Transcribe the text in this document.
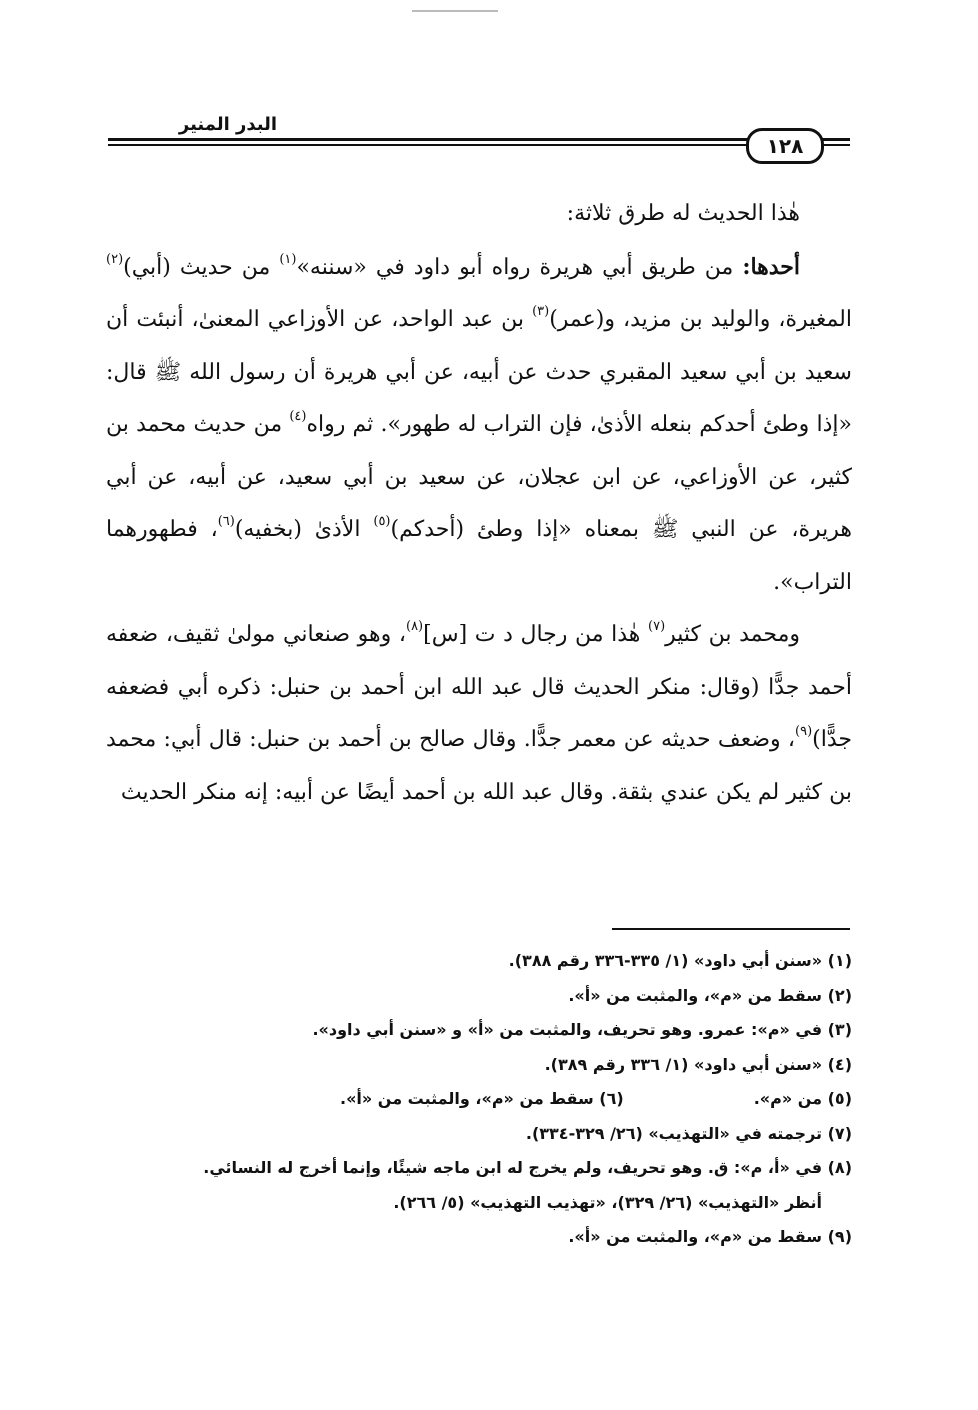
البدر المنير
١٢٨

هٰذا الحديث له طرق ثلاثة:

أحدها: من طريق أبي هريرة رواه أبو داود في «سننه»$^{(١)}$ من حديث (أبي)$^{(٢)}$ المغيرة، والوليد بن مزيد، و(عمر)$^{(٣)}$ بن عبد الواحد، عن الأوزاعي المعنىٰ، أنبئت أن سعيد بن أبي سعيد المقبري حدث عن أبيه، عن أبي هريرة أن رسول الله ﷺ قال: «إذا وطئ أحدكم بنعله الأذىٰ، فإن التراب له طهور». ثم رواه$^{(٤)}$ من حديث محمد بن كثير، عن الأوزاعي، عن ابن عجلان، عن سعيد بن أبي سعيد، عن أبيه، عن أبي هريرة، عن النبي ﷺ بمعناه «إذا وطئ (أحدكم)$^{(٥)}$ الأذىٰ (بخفيه)$^{(٦)}$، فطهورهما التراب».

ومحمد بن كثير$^{(٧)}$ هٰذا من رجال د ت [س]$^{(٨)}$، وهو صنعاني مولىٰ ثقيف، ضعفه أحمد جدًّا (وقال: منكر الحديث قال عبد الله ابن أحمد بن حنبل: ذكره أبي فضعفه جدًّا)$^{(٩)}$، وضعف حديثه عن معمر جدًّا. وقال صالح بن أحمد بن حنبل: قال أبي: محمد بن كثير لم يكن عندي بثقة. وقال عبد الله بن أحمد أيضًا عن أبيه: إنه منكر الحديث

(١) «سنن أبي داود» (١/ ٣٣٥-٣٣٦ رقم ٣٨٨).
(٢) سقط من «م»، والمثبت من «أ».
(٣) في «م»: عمرو. وهو تحريف، والمثبت من «أ» و «سنن أبي داود».
(٤) «سنن أبي داود» (١/ ٣٣٦ رقم ٣٨٩).
(٥) من «م».(٦) سقط من «م»، والمثبت من «أ».
(٧) ترجمته في «التهذيب» (٢٦/ ٣٢٩-٣٣٤).
(٨) في «أ، م»: ق. وهو تحريف، ولم يخرج له ابن ماجه شيئًا، وإنما أخرج له النسائي.
أنظر «التهذيب» (٢٦/ ٣٢٩)، «تهذيب التهذيب» (٥/ ٢٦٦).
(٩) سقط من «م»، والمثبت من «أ».
